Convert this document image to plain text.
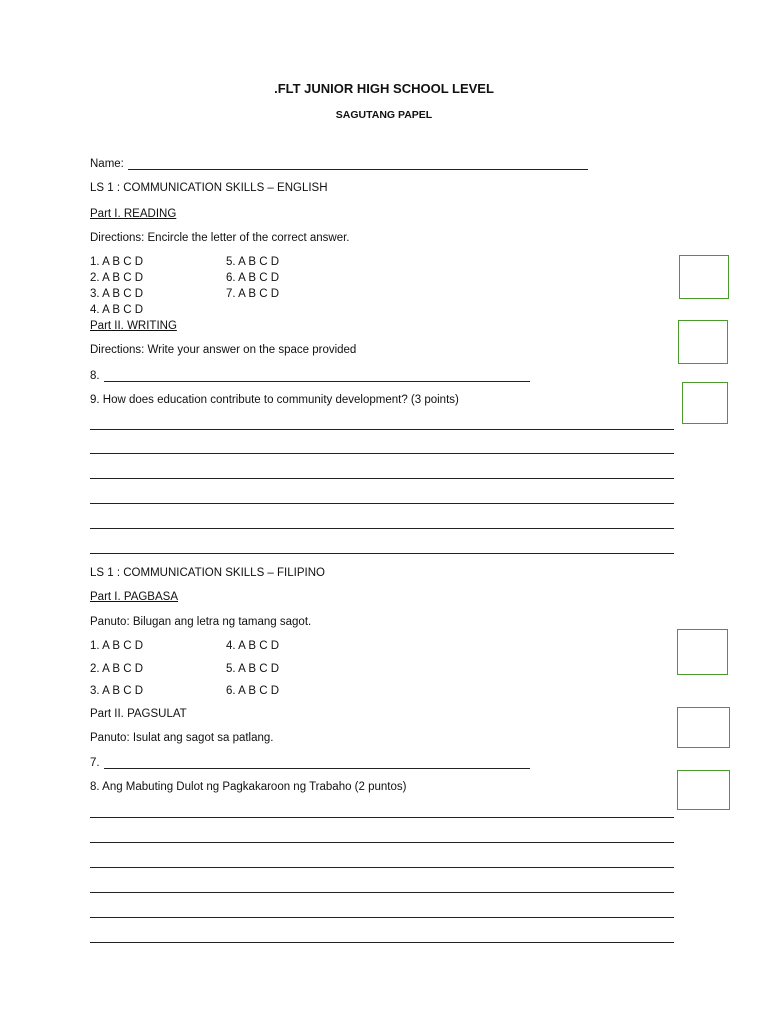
.FLT JUNIOR HIGH SCHOOL LEVEL
SAGUTANG PAPEL
Name:
LS 1 : COMMUNICATION SKILLS – ENGLISH
Part I. READING
Directions: Encircle the letter of the correct answer.
1. A B C D
2. A B C D
3. A B C D
4. A B C D
5. A B C D
6. A B C D
7. A B C D
Part II. WRITING
Directions: Write your answer on the space provided
8.
9. How does education contribute to community development? (3 points)
LS 1 : COMMUNICATION SKILLS – FILIPINO
Part I. PAGBASA
Panuto: Bilugan ang letra ng tamang sagot.
1. A B C D
2. A B C D
3. A B C D
4. A B C D
5. A B C D
6. A B C D
Part II. PAGSULAT
Panuto: Isulat ang sagot sa patlang.
7.
8. Ang Mabuting Dulot ng Pagkakaroon ng Trabaho (2 puntos)
